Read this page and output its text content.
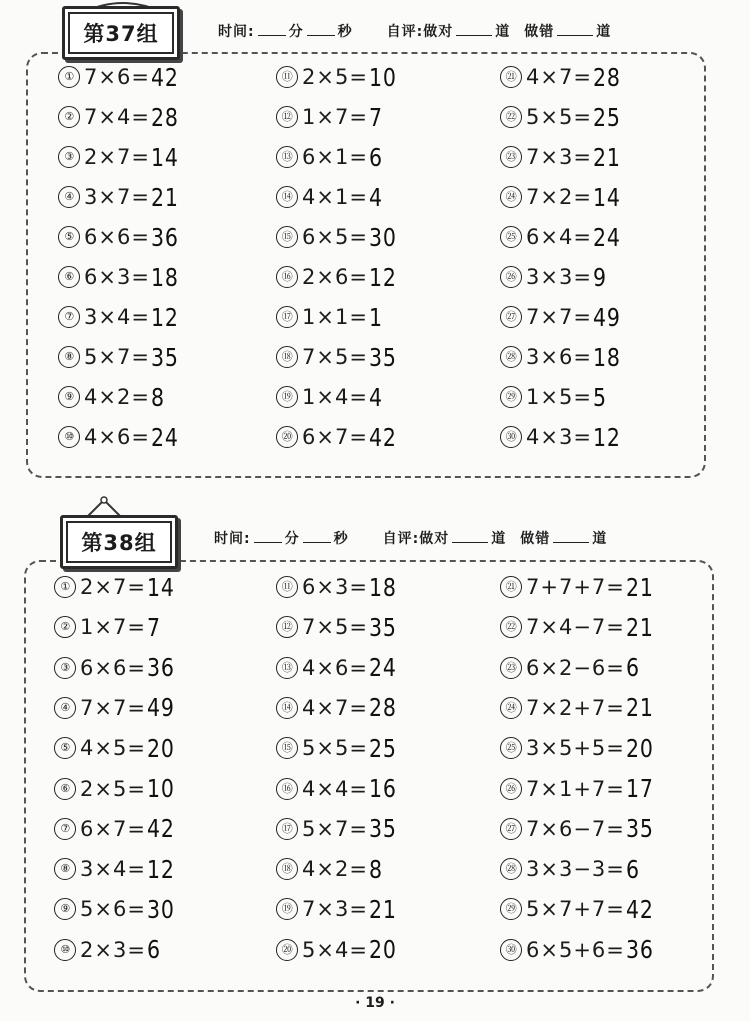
第37组	时间: 分 秒 自评:做对	道 做错	道
① 7×6= 42
② 7×4= 28
③ 2×7= 14
④ 3×7= 21
⑤ 6×6= 36
⑥ 6×3= 18
⑦ 3×4= 12
⑧ 5×7= 35
⑨ 4×2= 8
⑩ 4×6= 24
⑪ 2×5= 10
⑫ 1×7= 7
⑬ 6×1= 6
⑭ 4×1= 4
⑮ 6×5= 30
⑯ 2×6= 12
⑰ 1×1= 1
⑱ 7×5= 35
⑲ 1×4= 4
⑳ 6×7= 42
㉑ 4×7= 28
㉒ 5×5= 25
㉓ 7×3= 21
㉔ 7×2= 14
㉕ 6×4= 24
㉖ 3×3= 9
㉗ 7×7= 49
㉘ 3×6= 18
㉙ 1×5= 5
㉚ 4×3= 12
第38组	时间: 分 秒 自评:做对	道 做错	道
① 2×7= 14
② 1×7= 7
③ 6×6= 36
④ 7×7= 49
⑤ 4×5= 20
⑥ 2×5= 10
⑦ 6×7= 42
⑧ 3×4= 12
⑨ 5×6= 30
⑩ 2×3= 6
⑪ 6×3= 18
⑫ 7×5= 35
⑬ 4×6= 24
⑭ 4×7= 28
⑮ 5×5= 25
⑯ 4×4= 16
⑰ 5×7= 35
⑱ 4×2= 8
⑲ 7×3= 21
⑳ 5×4= 20
㉑ 7+7+7= 21
㉒ 7×4−7= 21
㉓ 6×2−6= 6
㉔ 7×2+7= 21
㉕ 3×5+5= 20
㉖ 7×1+7= 17
㉗ 7×6−7= 35
㉘ 3×3−3= 6
㉙ 5×7+7= 42
㉚ 6×5+6= 36
· 19 ·
